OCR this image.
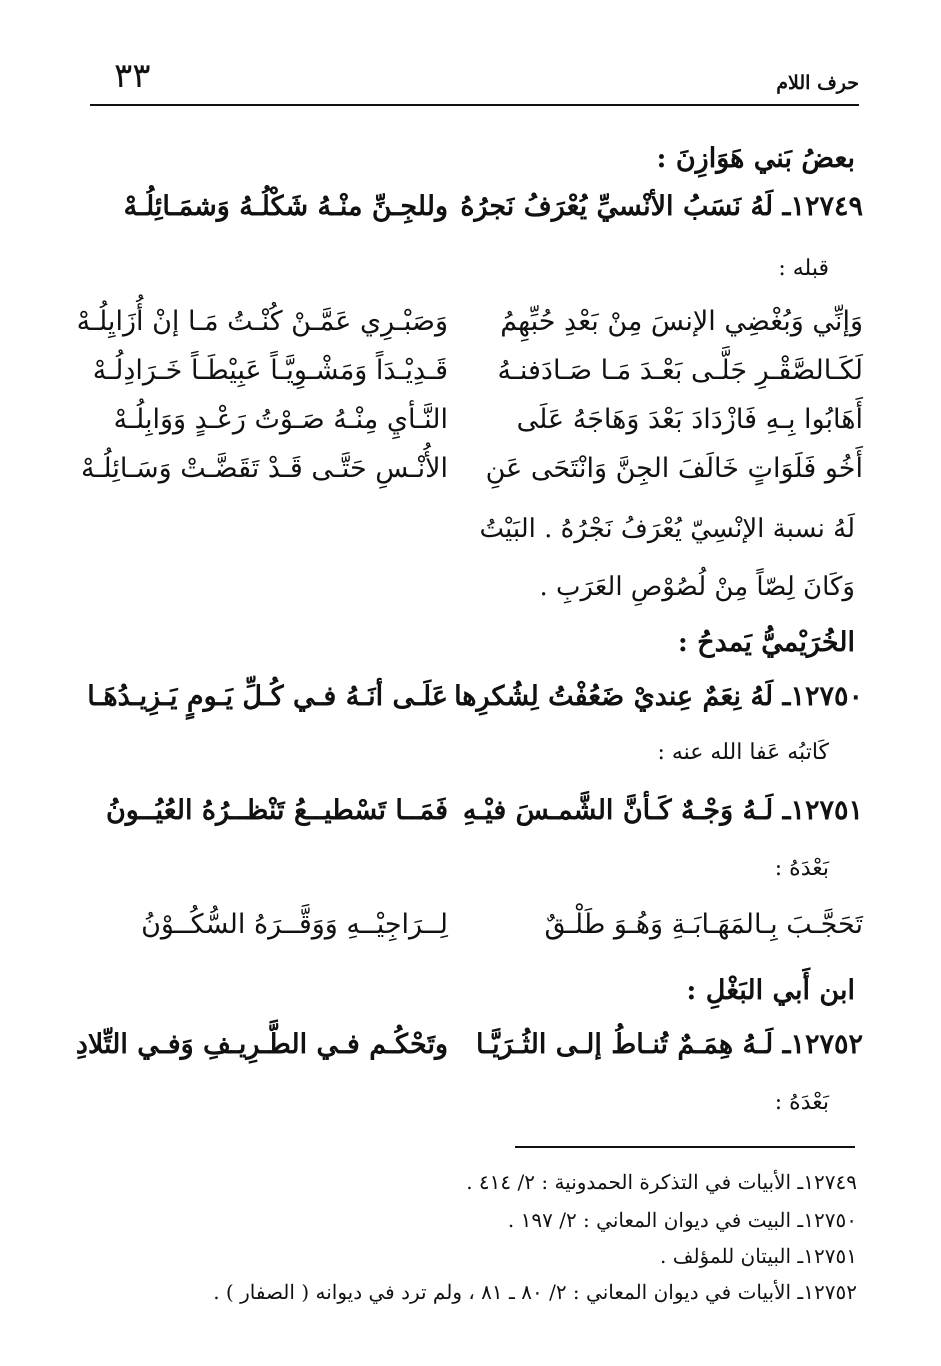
٣٣	حرف اللام
بعضُ بَني هَوَازِنَ :
١٢٧٤٩ـ لَهُ نَسَبُ الأنْسيِّ يُعْرَفُ نَجرُهُ
وللجِـنِّ منْـهُ شَكْلُـهُ وَشمَـائِلُـهْ
قبله :
وَإنِّي وَبُغْضِي الإنسَ مِنْ بَعْدِ حُبِّهِمُ
وَصَبْـرِي عَمَّـنْ كُنْـتُ مَـا إنْ أُزَايِلُـهْ
لَكَـالصَّقْـرِ جَلَّـى بَعْـدَ مَـا صَـادَفنـهُ
قَـدِيْـدَاً وَمَشْـوِيَّـاً عَبِيْطَـاً خَـرَادِلُـهْ
أَهَابُوا بِـهِ فَازْدَادَ بَعْدَ وَهَاجَهُ عَلَى
النَّـأيِ مِنْـهُ صَـوْتُ رَعْـدٍ وَوَابِلُـهْ
أَخُو فَلَوَاتٍ خَالَفَ الجِنَّ وَانْتَحَى عَنِ
الأُنْـسِ حَتَّـى قَـدْ تَقَضَّـتْ وَسَـائِلُـهْ
لَهُ نسبة الإنْسِيّ يُعْرَفُ نَجْرُهُ . البَيْتُ
وَكَانَ لِصّاً مِنْ لُصُوْصِ العَرَبِ .
الخُرَيْميُّ يَمدحُ :
١٢٧٥٠ـ لَهُ نِعَمٌ عِنديْ ضَعُفْتُ لِشُكرِها
عَلَـى أنَـهُ فـي كُـلِّ يَـومٍ يَـزِيـدُهَـا
كَاتبُه عَفا الله عنه :
١٢٧٥١ـ لَـهُ وَجْـهٌ كَـأنَّ الشَّمـسَ فيْـهِ
فَمَــا تَسْطيــعُ تَنْظــرُهُ العُيُــونُ
بَعْدَهُ :
تَحَجَّـبَ بِـالمَهَـابَـةِ وَهُـوَ طَلْـقٌ
لِــرَاجِيْــهِ وَوَقَّــرَهُ السُّكُــوْنُ
ابن أَبي البَغْلِ :
١٢٧٥٢ـ لَـهُ هِمَـمٌ تُنـاطُ إلـى الثُـرَيَّـا
وتَحْكُـم فـي الطَّـرِيـفِ وَفـي التِّلادِ
بَعْدَهُ :
١٢٧٤٩ـ الأبيات في التذكرة الحمدونية : ٢/ ٤١٤ .
١٢٧٥٠ـ البيت في ديوان المعاني : ٢/ ١٩٧ .
١٢٧٥١ـ البيتان للمؤلف .
١٢٧٥٢ـ الأبيات في ديوان المعاني : ٢/ ٨٠ ـ ٨١ ، ولم ترد في ديوانه ( الصفار ) .
